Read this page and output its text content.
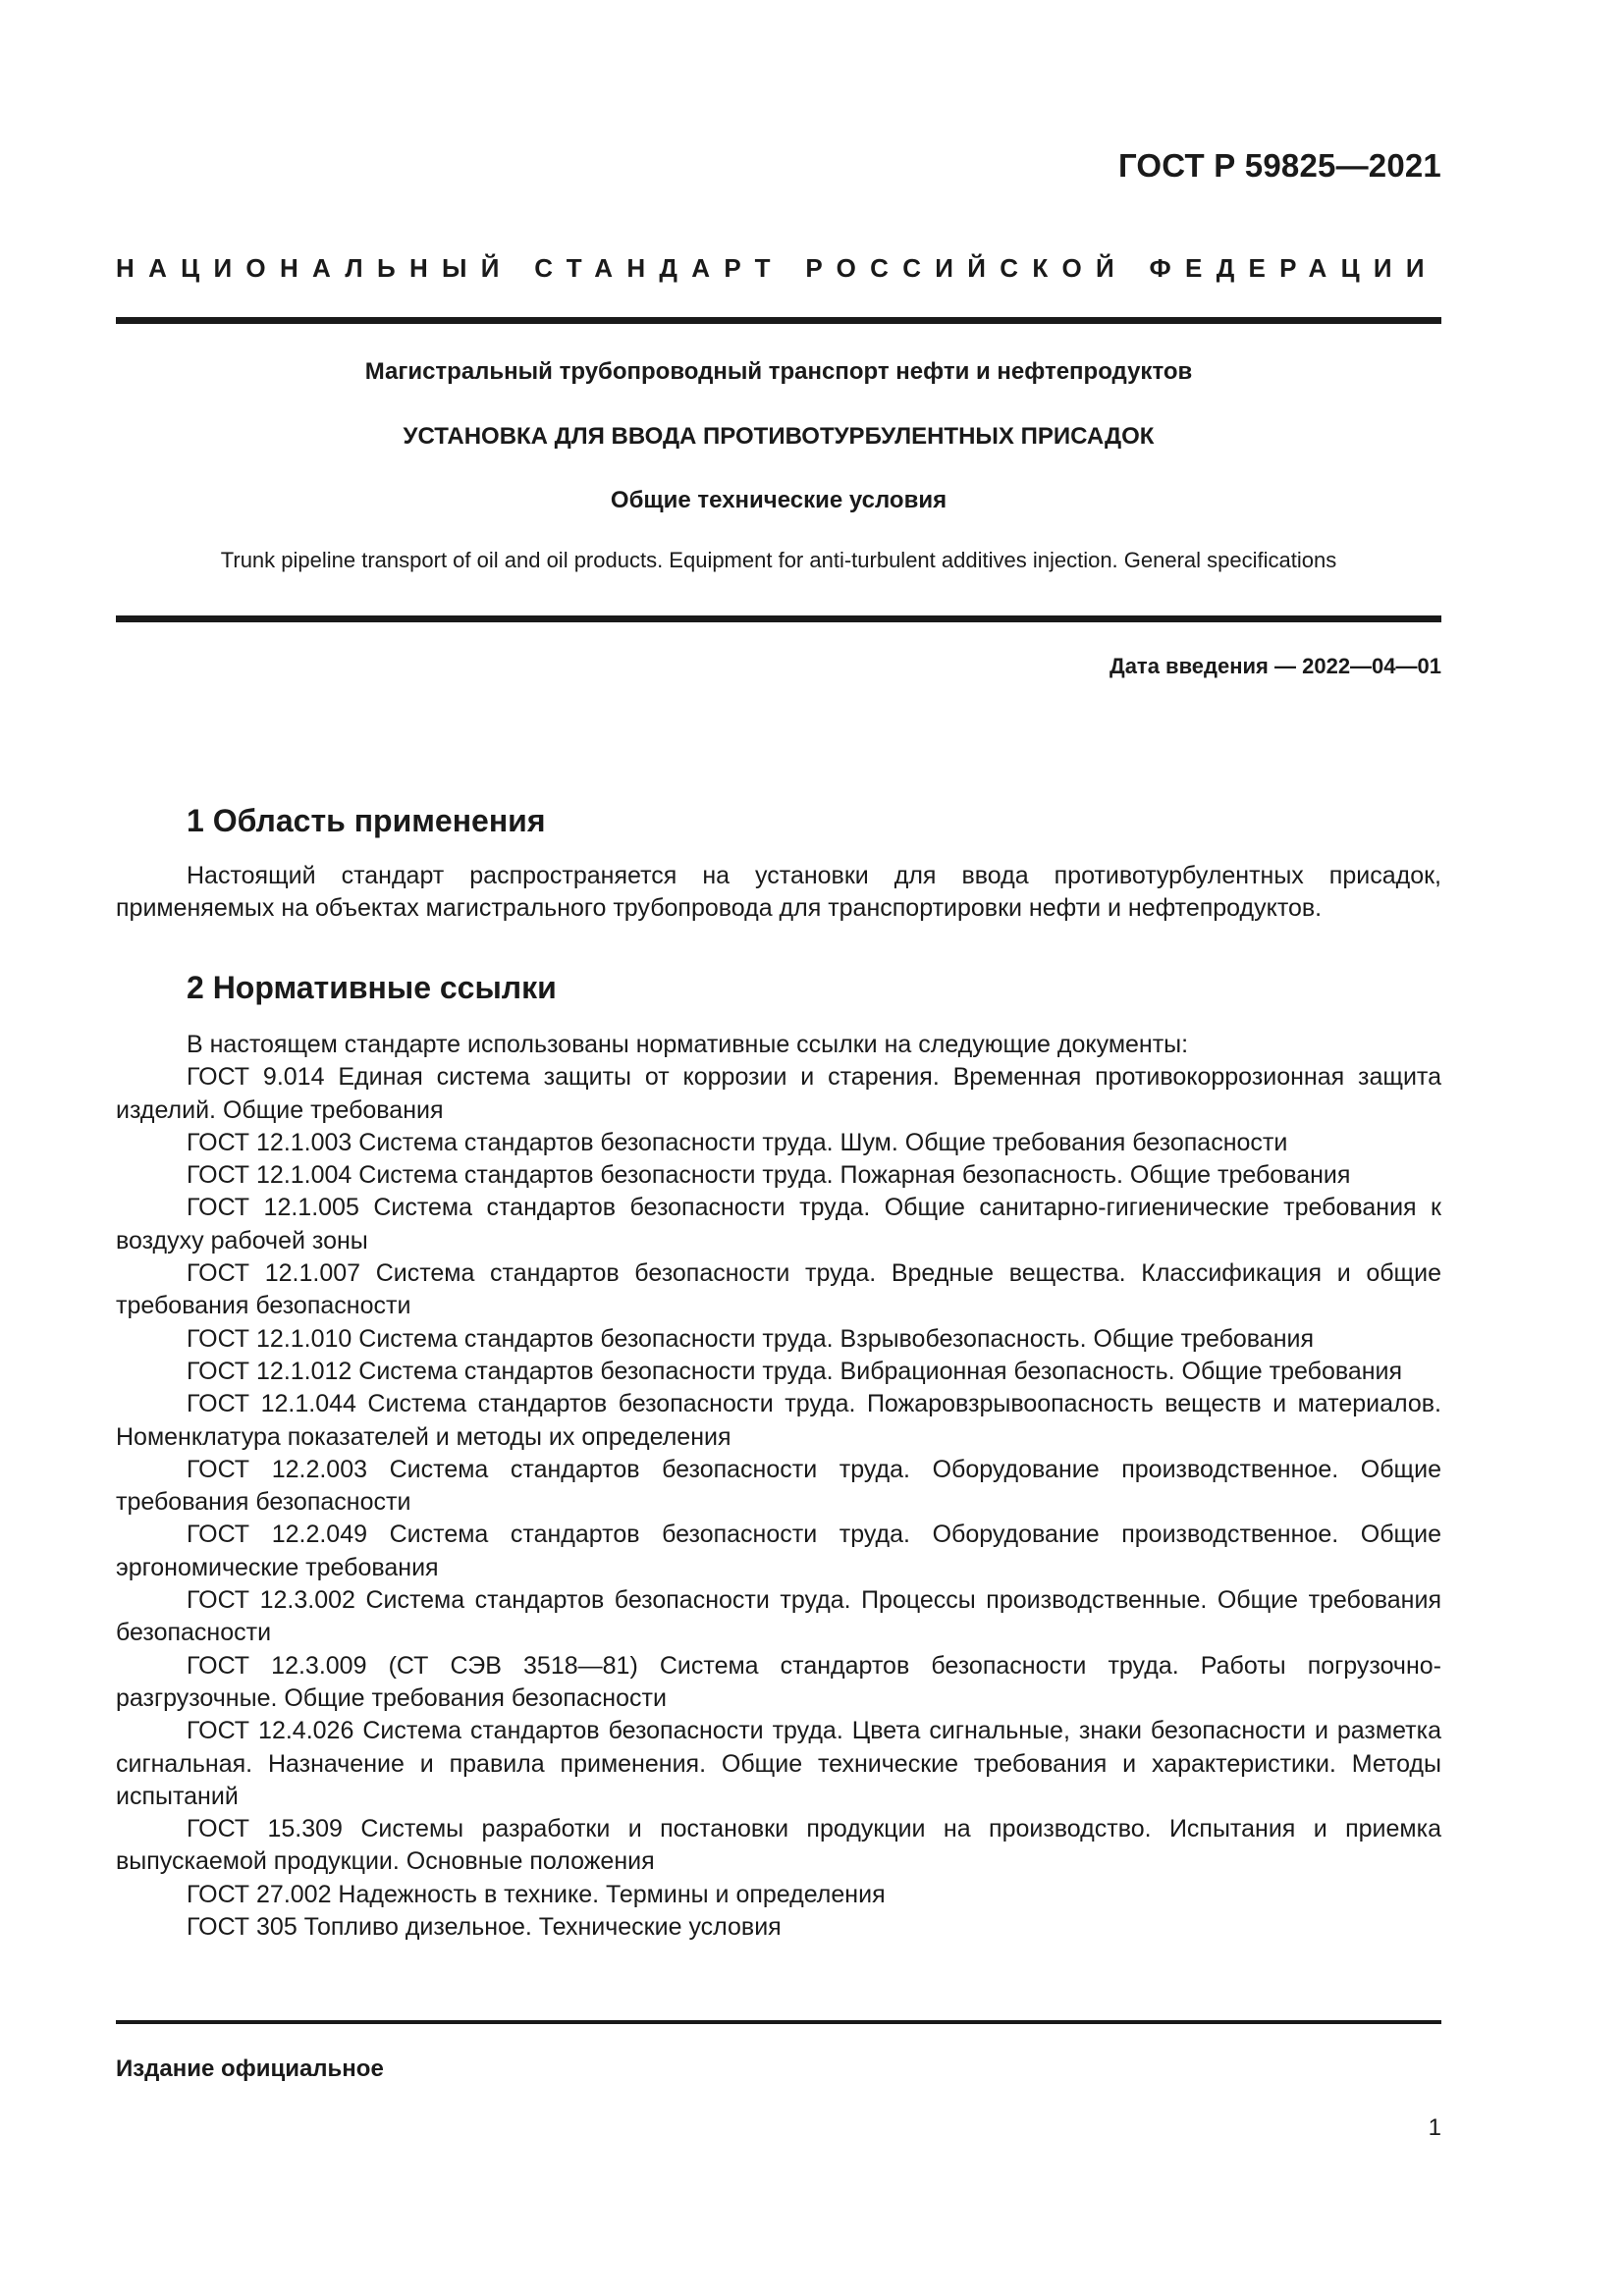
ГОСТ Р 59825—2021
НАЦИОНАЛЬНЫЙ СТАНДАРТ РОССИЙСКОЙ ФЕДЕРАЦИИ
Магистральный трубопроводный транспорт нефти и нефтепродуктов
УСТАНОВКА ДЛЯ ВВОДА ПРОТИВОТУРБУЛЕНТНЫХ ПРИСАДОК
Общие технические условия
Trunk pipeline transport of oil and oil products. Equipment for anti-turbulent additives injection. General specifications
Дата введения — 2022—04—01
1 Область применения

Настоящий стандарт распространяется на установки для ввода противотурбулентных присадок, применяемых на объектах магистрального трубопровода для транспортировки нефти и нефтепродуктов.

2 Нормативные ссылки

В настоящем стандарте использованы нормативные ссылки на следующие документы:

ГОСТ 9.014 Единая система защиты от коррозии и старения. Временная противокоррозионная защита изделий. Общие требования

ГОСТ 12.1.003 Система стандартов безопасности труда. Шум. Общие требования безопасности

ГОСТ 12.1.004 Система стандартов безопасности труда. Пожарная безопасность. Общие требования

ГОСТ 12.1.005 Система стандартов безопасности труда. Общие санитарно-гигиенические требования к воздуху рабочей зоны

ГОСТ 12.1.007 Система стандартов безопасности труда. Вредные вещества. Классификация и общие требования безопасности

ГОСТ 12.1.010 Система стандартов безопасности труда. Взрывобезопасность. Общие требования

ГОСТ 12.1.012 Система стандартов безопасности труда. Вибрационная безопасность. Общие требования

ГОСТ 12.1.044 Система стандартов безопасности труда. Пожаровзрывоопасность веществ и материалов. Номенклатура показателей и методы их определения

ГОСТ 12.2.003 Система стандартов безопасности труда. Оборудование производственное. Общие требования безопасности

ГОСТ 12.2.049 Система стандартов безопасности труда. Оборудование производственное. Общие эргономические требования

ГОСТ 12.3.002 Система стандартов безопасности труда. Процессы производственные. Общие требования безопасности

ГОСТ 12.3.009 (СТ СЭВ 3518—81) Система стандартов безопасности труда. Работы погрузочно-разгрузочные. Общие требования безопасности

ГОСТ 12.4.026 Система стандартов безопасности труда. Цвета сигнальные, знаки безопасности и разметка сигнальная. Назначение и правила применения. Общие технические требования и характеристики. Методы испытаний

ГОСТ 15.309 Системы разработки и постановки продукции на производство. Испытания и приемка выпускаемой продукции. Основные положения

ГОСТ 27.002 Надежность в технике. Термины и определения

ГОСТ 305 Топливо дизельное. Технические условия

Издание официальное
1
